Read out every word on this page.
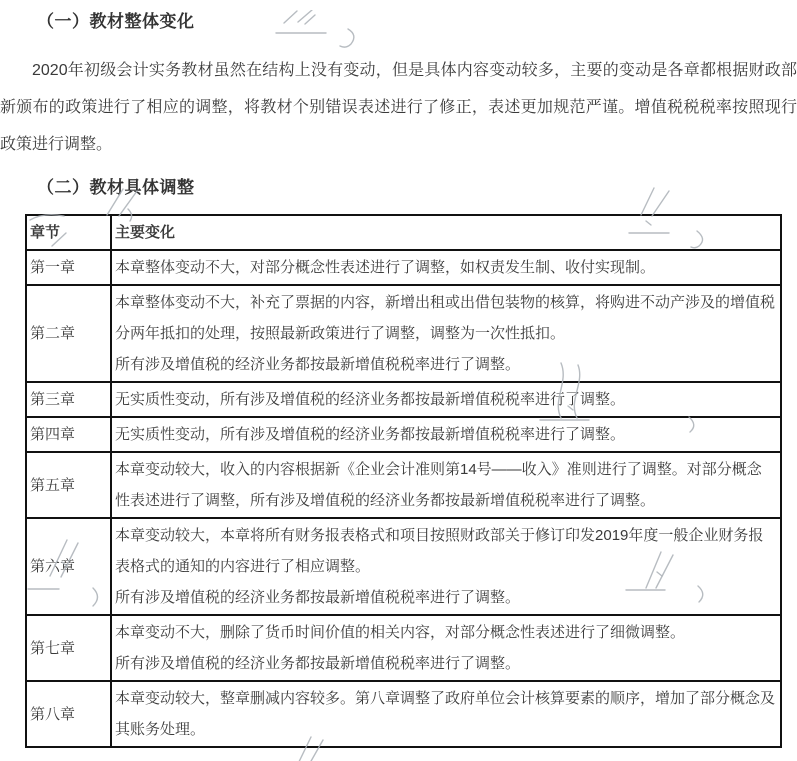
（一）教材整体变化

2020年初级会计实务教材虽然在结构上没有变动，但是具体内容变动较多，主要的变动是各章都根据财政部新颁布的政策进行了相应的调整，将教材个别错误表述进行了修正，表述更加规范严谨。增值税税税率按照现行政策进行调整。

（二）教材具体调整
章节	主要变化
第一章	本章整体变动不大，对部分概念性表述进行了调整，如权责发生制、收付实现制。

第二章	本章整体变动不大，补充了票据的内容，新增出租或出借包装物的核算，将购进不动产涉及的增值税分两年抵扣的处理，按照最新政策进行了调整，调整为一次性抵扣。
所有涉及增值税的经济业务都按最新增值税税率进行了调整。

第三章	无实质性变动，所有涉及增值税的经济业务都按最新增值税税率进行了调整。

第四章	无实质性变动，所有涉及增值税的经济业务都按最新增值税税率进行了调整。

第五章	本章变动较大，收入的内容根据新《企业会计准则第14号——收入》准则进行了调整。对部分概念性表述进行了调整，所有涉及增值税的经济业务都按最新增值税税率进行了调整。

第六章	本章变动较大，本章将所有财务报表格式和项目按照财政部关于修订印发2019年度一般企业财务报表格式的通知的内容进行了相应调整。
所有涉及增值税的经济业务都按最新增值税税率进行了调整。

第七章	本章变动不大，删除了货币时间价值的相关内容，对部分概念性表述进行了细微调整。
所有涉及增值税的经济业务都按最新增值税税率进行了调整。

第八章	本章变动较大，整章删减内容较多。第八章调整了政府单位会计核算要素的顺序，增加了部分概念及其账务处理。
